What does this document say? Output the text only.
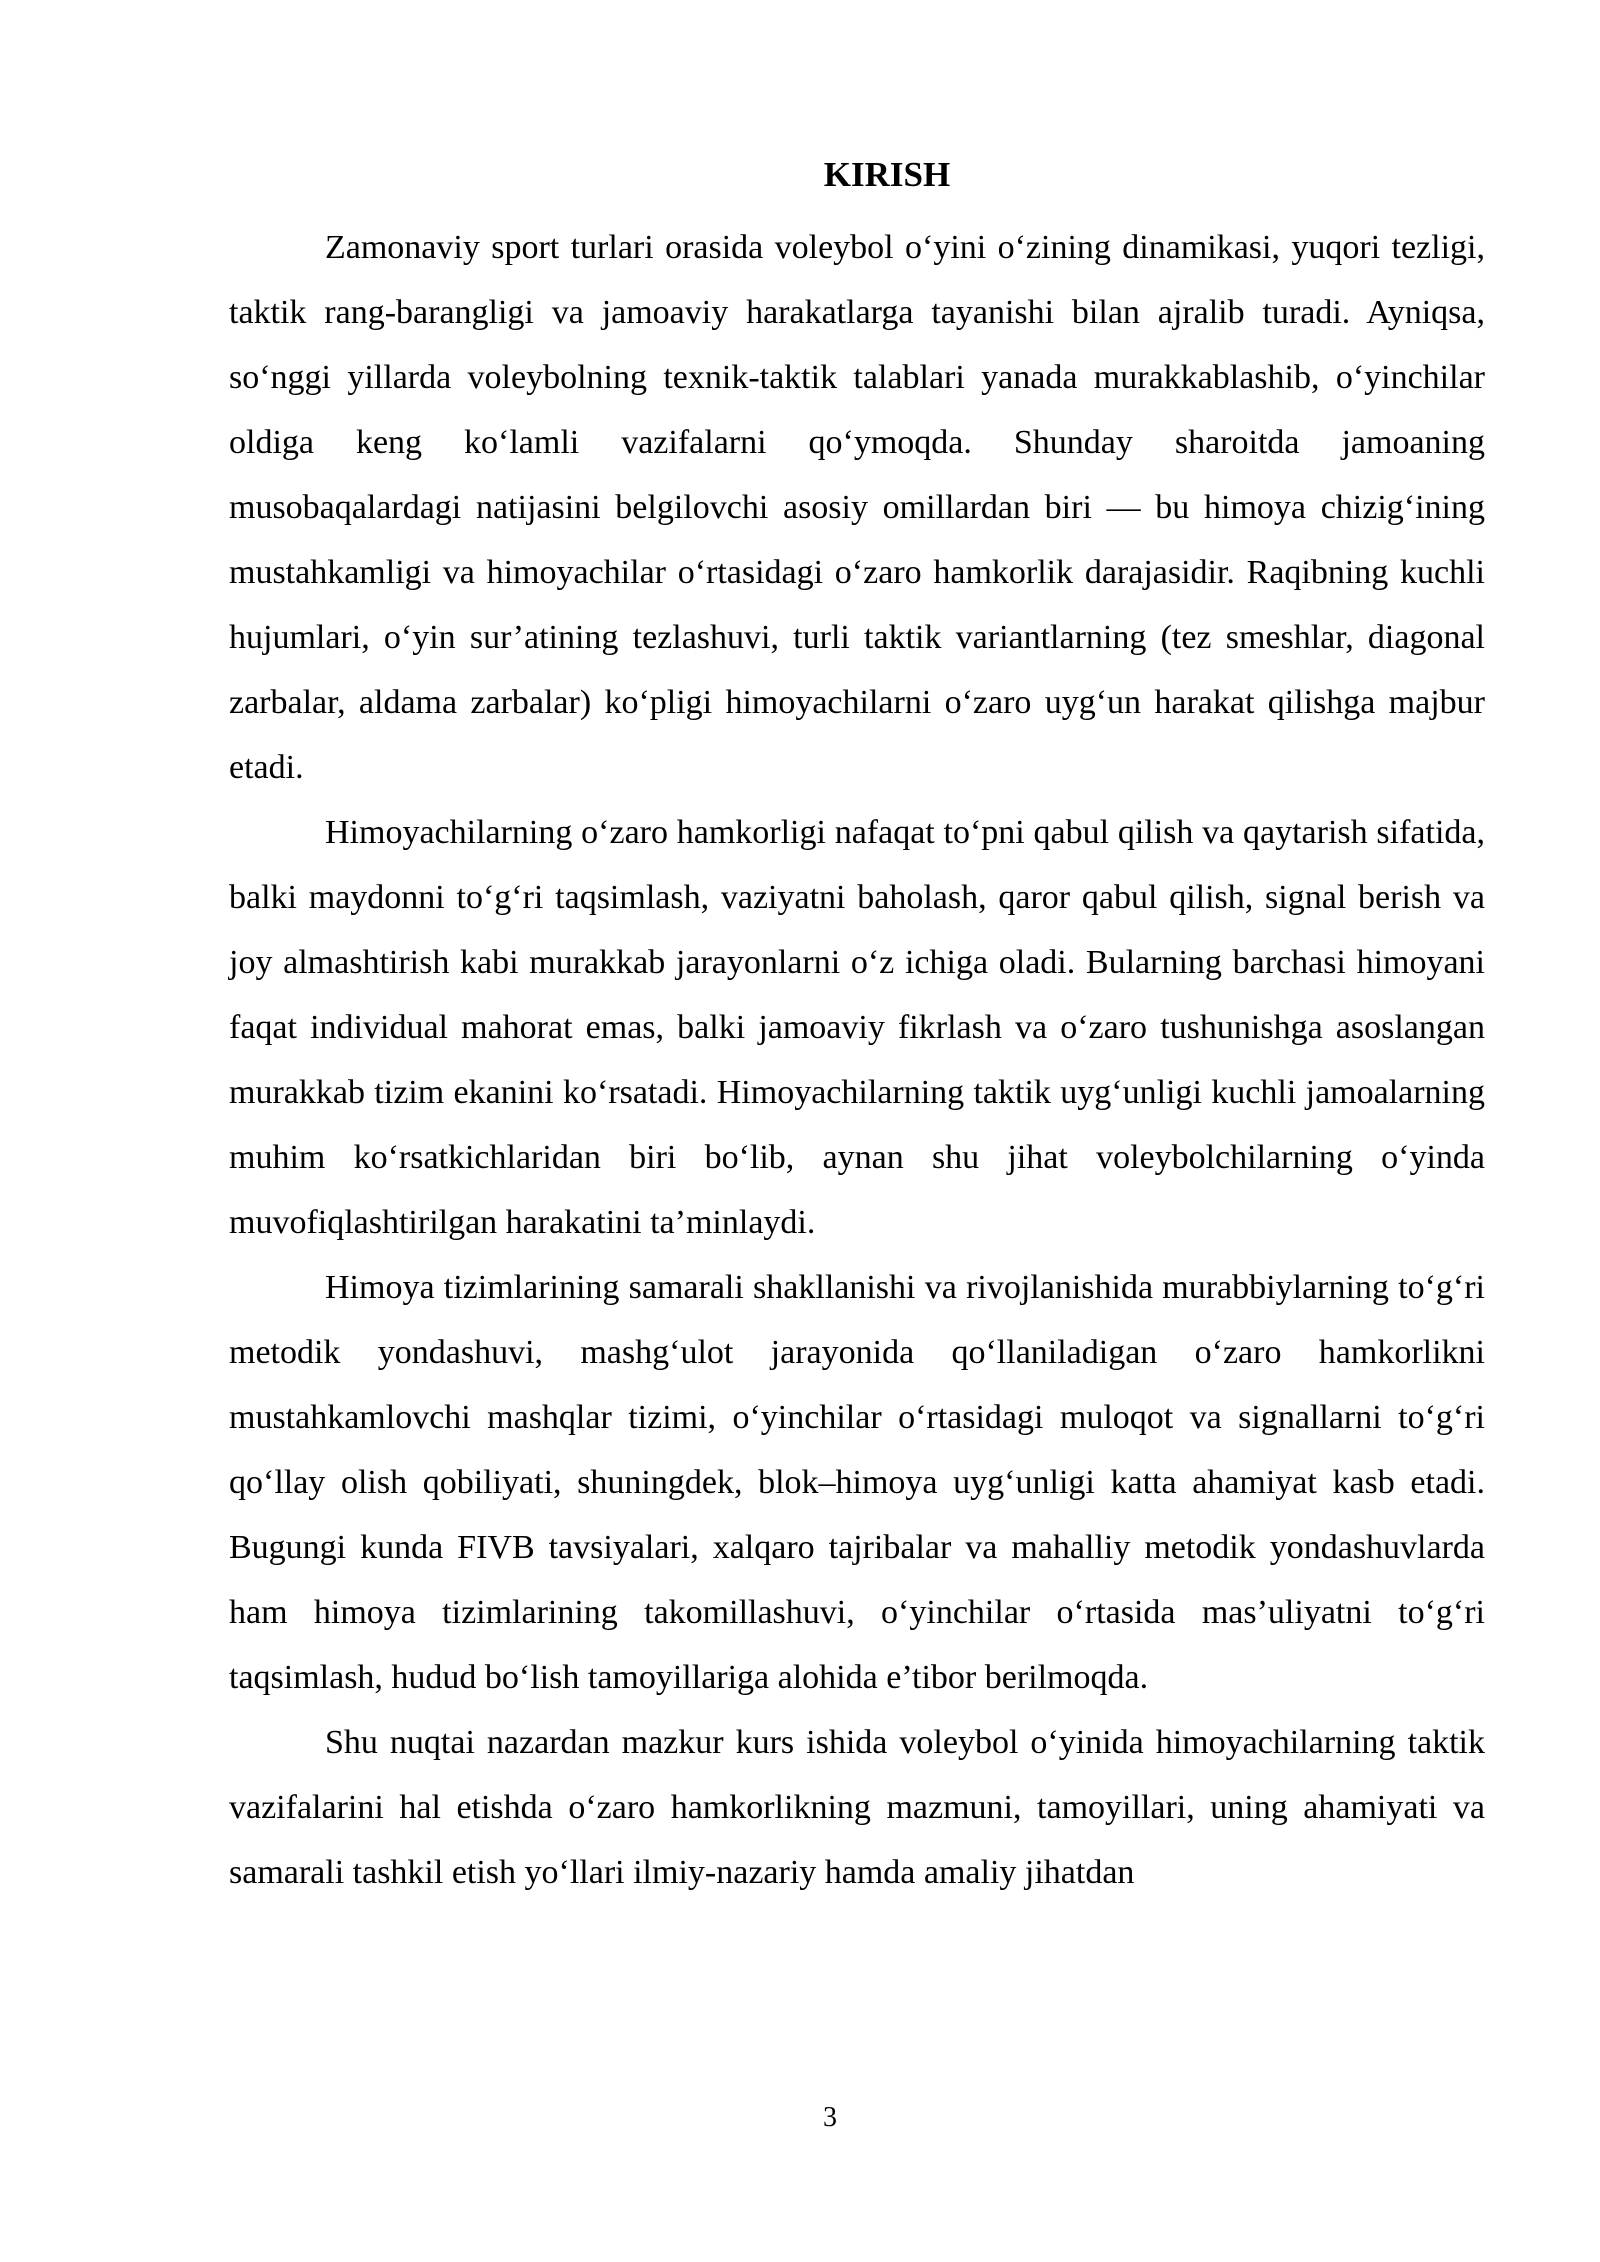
KIRISH

Zamonaviy sport turlari orasida voleybol o‘yini o‘zining dinamikasi, yuqori tezligi, taktik rang-barangligi va jamoaviy harakatlarga tayanishi bilan ajralib turadi. Ayniqsa, so‘nggi yillarda voleybolning texnik-taktik talablari yanada murakkablashib, o‘yinchilar oldiga keng ko‘lamli vazifalarni qo‘ymoqda. Shunday sharoitda jamoaning musobaqalardagi natijasini belgilovchi asosiy omillardan biri — bu himoya chizig‘ining mustahkamligi va himoyachilar o‘rtasidagi o‘zaro hamkorlik darajasidir. Raqibning kuchli hujumlari, o‘yin sur’atining tezlashuvi, turli taktik variantlarning (tez smeshlar, diagonal zarbalar, aldama zarbalar) ko‘pligi himoyachilarni o‘zaro uyg‘un harakat qilishga majbur etadi.

Himoyachilarning o‘zaro hamkorligi nafaqat to‘pni qabul qilish va qaytarish sifatida, balki maydonni to‘g‘ri taqsimlash, vaziyatni baholash, qaror qabul qilish, signal berish va joy almashtirish kabi murakkab jarayonlarni o‘z ichiga oladi. Bularning barchasi himoyani faqat individual mahorat emas, balki jamoaviy fikrlash va o‘zaro tushunishga asoslangan murakkab tizim ekanini ko‘rsatadi. Himoyachilarning taktik uyg‘unligi kuchli jamoalarning muhim ko‘rsatkichlaridan biri bo‘lib, aynan shu jihat voleybolchilarning o‘yinda muvofiqlashtirilgan harakatini ta’minlaydi.

Himoya tizimlarining samarali shakllanishi va rivojlanishida murabbiylarning to‘g‘ri metodik yondashuvi, mashg‘ulot jarayonida qo‘llaniladigan o‘zaro hamkorlikni mustahkamlovchi mashqlar tizimi, o‘yinchilar o‘rtasidagi muloqot va signallarni to‘g‘ri qo‘llay olish qobiliyati, shuningdek, blok–himoya uyg‘unligi katta ahamiyat kasb etadi. Bugungi kunda FIVB tavsiyalari, xalqaro tajribalar va mahalliy metodik yondashuvlarda ham himoya tizimlarining takomillashuvi, o‘yinchilar o‘rtasida mas’uliyatni to‘g‘ri taqsimlash, hudud bo‘lish tamoyillariga alohida e’tibor berilmoqda.

Shu nuqtai nazardan mazkur kurs ishida voleybol o‘yinida himoyachilarning taktik vazifalarini hal etishda o‘zaro hamkorlikning mazmuni, tamoyillari, uning ahamiyati va samarali tashkil etish yo‘llari ilmiy-nazariy hamda amaliy jihatdan

3
